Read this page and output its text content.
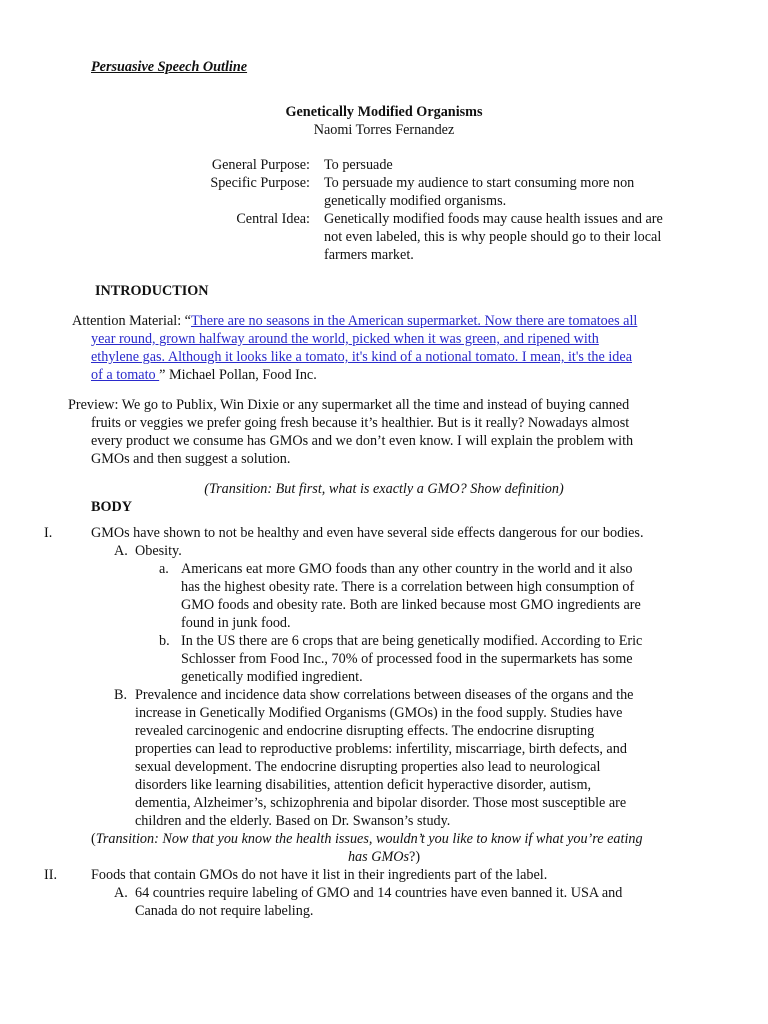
Persuasive Speech Outline
Genetically Modified Organisms
Naomi Torres Fernandez
General Purpose: To persuade
Specific Purpose: To persuade my audience to start consuming more non
genetically modified organisms.
Central Idea: Genetically modified foods may cause health issues and are
not even labeled, this is why people should go to their local
farmers market.
INTRODUCTION
Attention Material: “There are no seasons in the American supermarket. Now there are tomatoes all
year round, grown halfway around the world, picked when it was green, and ripened with
ethylene gas. Although it looks like a tomato, it's kind of a notional tomato. I mean, it's the idea
of a tomato ” Michael Pollan, Food Inc.
Preview: We go to Publix, Win Dixie or any supermarket all the time and instead of buying canned
fruits or veggies we prefer going fresh because it’s healthier. But is it really? Nowadays almost
every product we consume has GMOs and we don’t even know. I will explain the problem with
GMOs and then suggest a solution.
(Transition: But first, what is exactly a GMO? Show definition)
BODY
I.	GMOs have shown to not be healthy and even have several side effects dangerous for our bodies.
A. Obesity.
a. Americans eat more GMO foods than any other country in the world and it also
has the highest obesity rate. There is a correlation between high consumption of
GMO foods and obesity rate. Both are linked because most GMO ingredients are
found in junk food.
b. In the US there are 6 crops that are being genetically modified. According to Eric
Schlosser from Food Inc., 70% of processed food in the supermarkets has some
genetically modified ingredient.
B. Prevalence and incidence data show correlations between diseases of the organs and the
increase in Genetically Modified Organisms (GMOs) in the food supply. Studies have
revealed carcinogenic and endocrine disrupting effects. The endocrine disrupting
properties can lead to reproductive problems: infertility, miscarriage, birth defects, and
sexual development. The endocrine disrupting properties also lead to neurological
disorders like learning disabilities, attention deficit hyperactive disorder, autism,
dementia, Alzheimer’s, schizophrenia and bipolar disorder. Those most susceptible are
children and the elderly. Based on Dr. Swanson’s study.
(Transition: Now that you know the health issues, wouldn’t you like to know if what you’re eating
has GMOs?)
II. Foods that contain GMOs do not have it list in their ingredients part of the label.
A. 64 countries require labeling of GMO and 14 countries have even banned it. USA and
Canada do not require labeling.
